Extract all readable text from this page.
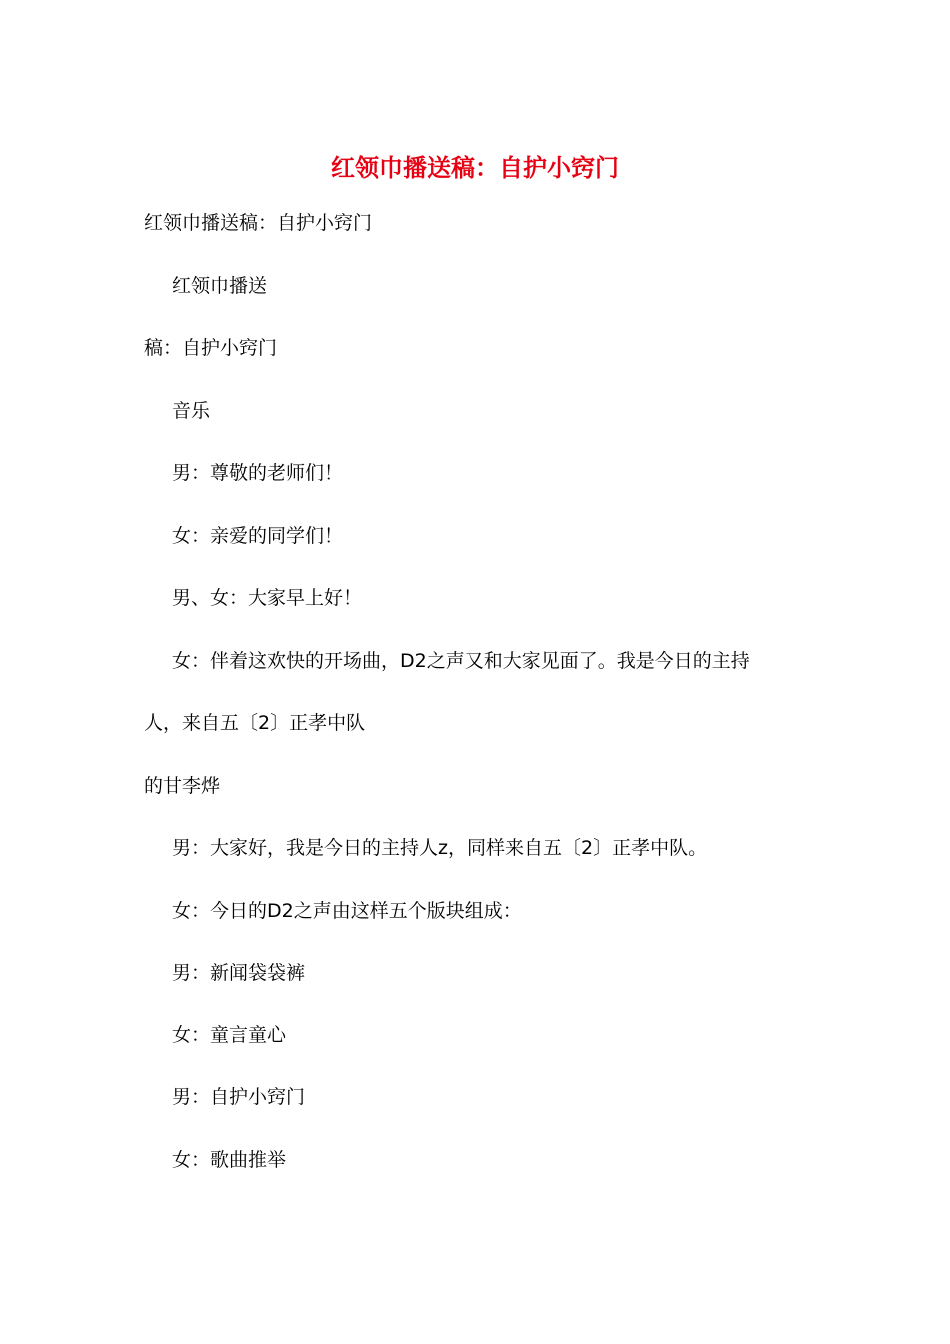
红领巾播送稿：自护小窍门

红领巾播送稿：自护小窍门

红领巾播送

稿：自护小窍门

音乐

男：尊敬的老师们！

女：亲爱的同学们！

男、女：大家早上好！

女：伴着这欢快的开场曲，D2之声又和大家见面了。我是今日的主持

人，来自五〔2〕正孝中队

的甘李烨

男：大家好，我是今日的主持人z，同样来自五〔2〕正孝中队。

女：今日的D2之声由这样五个版块组成：

男：新闻袋袋裤

女：童言童心

男：自护小窍门

女：歌曲推举
